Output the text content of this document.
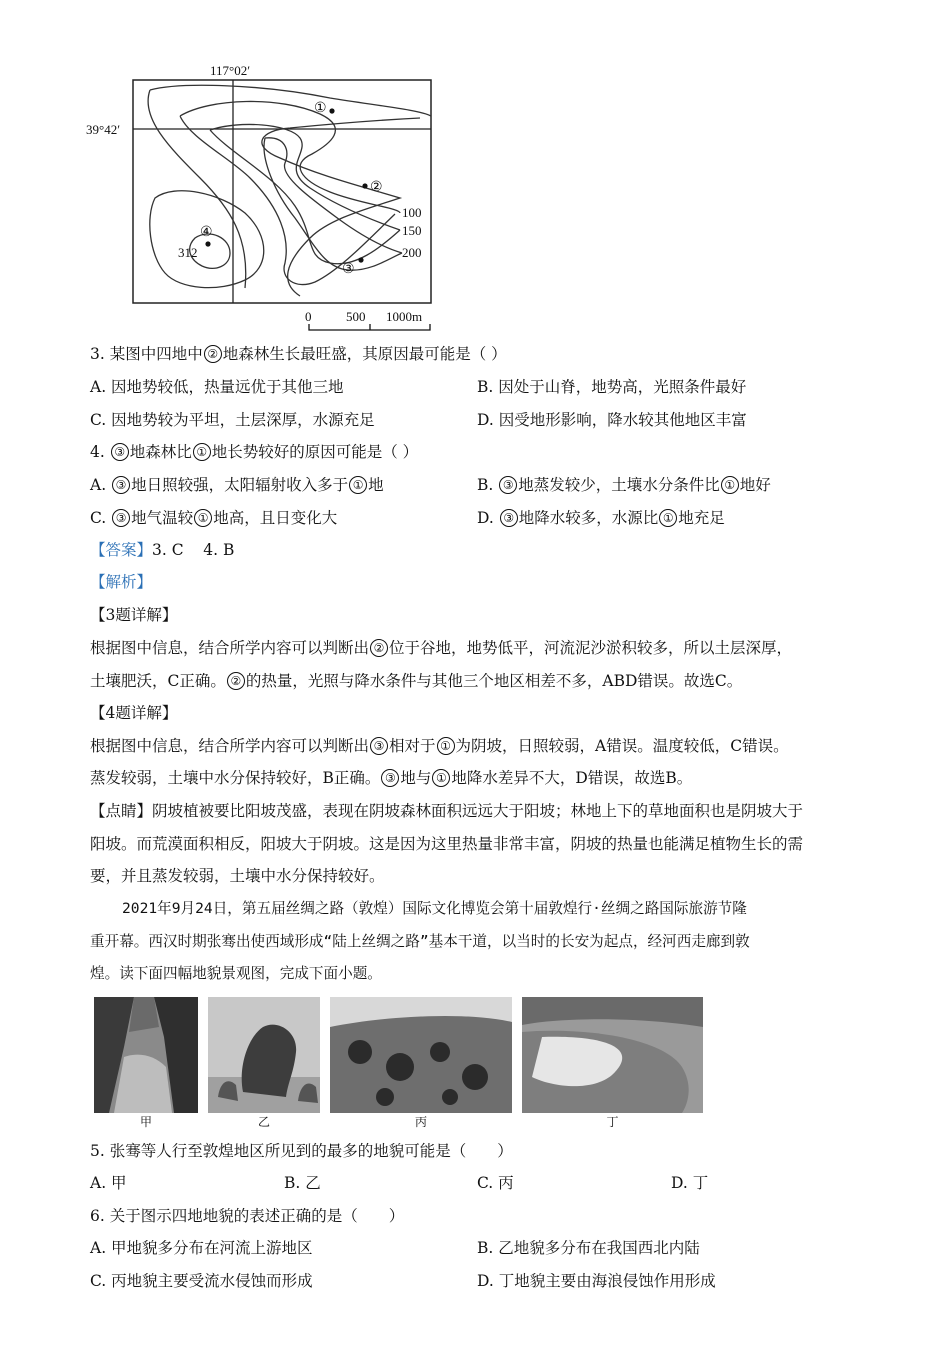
117°02′
39°42′
①
②
③
④
312
100
150
200
0	500 1000m
3. 某图中四地中 ② 地森林生长最旺盛，其原因最可能是（ ）
A. 因地势较低，热量远优于其他三地	B. 因处于山脊，地势高，光照条件最好
C. 因地势较为平坦，土层深厚，水源充足	D. 因受地形影响，降水较其他地区丰富
4. ③ 地森林比 ① 地长势较好的原因可能是（ ）
A. ③ 地日照较强，太阳辐射收入多于 ① 地	B. ③ 地蒸发较少，土壤水分条件比 ① 地好
C. ③ 地气温较 ① 地高，且日变化大	D. ③ 地降水较多，水源比 ① 地充足
【答案】3. C    4. B
【解析】
【3题详解】
根据图中信息，结合所学内容可以判断出 ② 位于谷地，地势低平，河流泥沙淤积较多，所以土层深厚，
土壤肥沃，C正确。 ② 的热量，光照与降水条件与其他三个地区相差不多，ABD错误。故选C。
【4题详解】
根据图中信息，结合所学内容可以判断出 ③ 相对于 ① 为阴坡，日照较弱，A错误。温度较低，C错误。
蒸发较弱，土壤中水分保持较好，B正确。 ③ 地与 ① 地降水差异不大，D错误，故选B。
【点睛】阴坡植被要比阳坡茂盛，表现在阴坡森林面积远远大于阳坡；林地上下的草地面积也是阴坡大于
阳坡。而荒漠面积相反，阳坡大于阴坡。这是因为这里热量非常丰富，阴坡的热量也能满足植物生长的需
要，并且蒸发较弱，土壤中水分保持较好。
2021年9月24日，第五届丝绸之路（敦煌）国际文化博览会第十届敦煌行·丝绸之路国际旅游节隆
重开幕。西汉时期张骞出使西域形成“陆上丝绸之路”基本干道，以当时的长安为起点，经河西走廊到敦
煌。读下面四幅地貌景观图，完成下面小题。
甲	乙	丙	丁
5. 张骞等人行至敦煌地区所见到的最多的地貌可能是（　　）
A. 甲	B. 乙	C. 丙	D. 丁
6. 关于图示四地地貌的表述正确的是（　　）
A. 甲地貌多分布在河流上游地区	B. 乙地貌多分布在我国西北内陆
C. 丙地貌主要受流水侵蚀而形成	D. 丁地貌主要由海浪侵蚀作用形成
